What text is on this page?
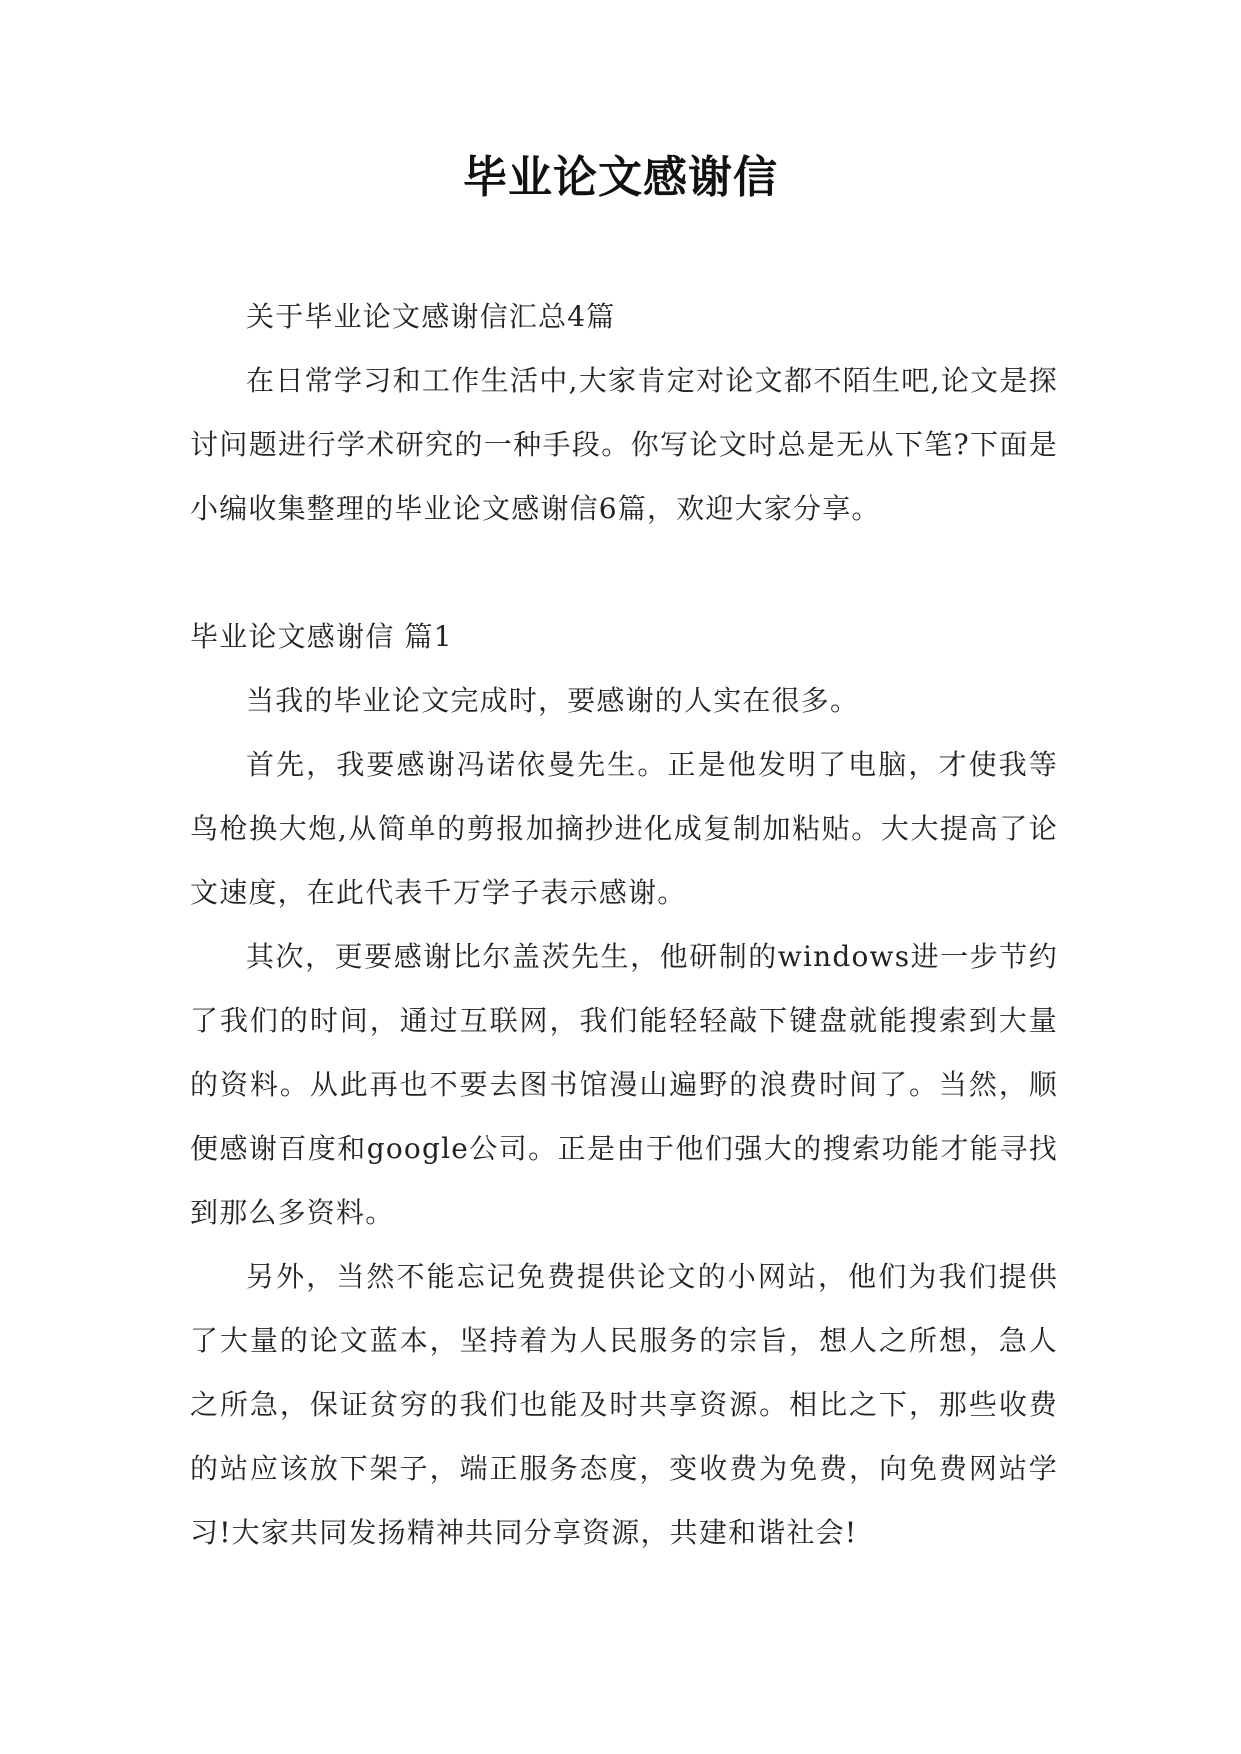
毕业论文感谢信

关于毕业论文感谢信汇总4篇

在日常学习和工作生活中,大家肯定对论文都不陌生吧,论文是探讨问题进行学术研究的一种手段。你写论文时总是无从下笔?下面是小编收集整理的毕业论文感谢信6篇，欢迎大家分享。

毕业论文感谢信 篇1

当我的毕业论文完成时，要感谢的人实在很多。

首先，我要感谢冯诺依曼先生。正是他发明了电脑，才使我等鸟枪换大炮,从简单的剪报加摘抄进化成复制加粘贴。大大提高了论文速度，在此代表千万学子表示感谢。

其次，更要感谢比尔盖茨先生，他研制的windows进一步节约了我们的时间，通过互联网，我们能轻轻敲下键盘就能搜索到大量的资料。从此再也不要去图书馆漫山遍野的浪费时间了。当然，顺便感谢百度和google公司。正是由于他们强大的搜索功能才能寻找到那么多资料。

另外，当然不能忘记免费提供论文的小网站，他们为我们提供了大量的论文蓝本，坚持着为人民服务的宗旨，想人之所想，急人之所急，保证贫穷的我们也能及时共享资源。相比之下，那些收费的站应该放下架子，端正服务态度，变收费为免费，向免费网站学习!大家共同发扬精神共同分享资源，共建和谐社会!
